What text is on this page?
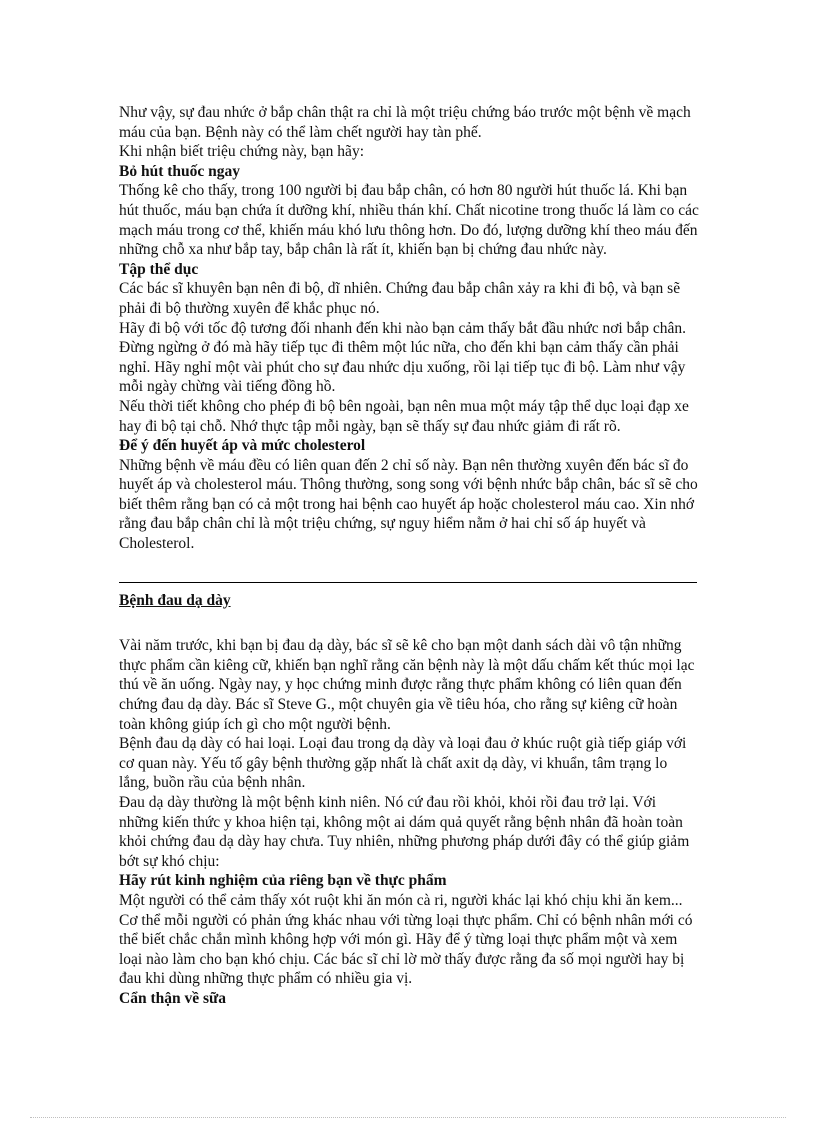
Như vậy, sự đau nhức ở bắp chân thật ra chỉ là một triệu chứng báo trước một bệnh về mạch máu của bạn. Bệnh này có thể làm chết người hay tàn phế.

Khi nhận biết triệu chứng này, bạn hãy:

Bỏ hút thuốc ngay

Thống kê cho thấy, trong 100 người bị đau bắp chân, có hơn 80 người hút thuốc lá. Khi bạn hút thuốc, máu bạn chứa ít dưỡng khí, nhiều thán khí. Chất nicotine trong thuốc lá làm co các mạch máu trong cơ thể, khiến máu khó lưu thông hơn. Do đó, lượng dưỡng khí theo máu đến những chỗ xa như bắp tay, bắp chân là rất ít, khiến bạn bị chứng đau nhức này.

Tập thể dục

Các bác sĩ khuyên bạn nên đi bộ, dĩ nhiên. Chứng đau bắp chân xảy ra khi đi bộ, và bạn sẽ phải đi bộ thường xuyên để khắc phục nó.

Hãy đi bộ với tốc độ tương đối nhanh đến khi nào bạn cảm thấy bắt đầu nhức nơi bắp chân. Đừng ngừng ở đó mà hãy tiếp tục đi thêm một lúc nữa, cho đến khi bạn cảm thấy cần phải nghỉ. Hãy nghỉ một vài phút cho sự đau nhức dịu xuống, rồi lại tiếp tục đi bộ. Làm như vậy mỗi ngày chừng vài tiếng đồng hồ.

Nếu thời tiết không cho phép đi bộ bên ngoài, bạn nên mua một máy tập thể dục loại đạp xe hay đi bộ tại chỗ. Nhớ thực tập mỗi ngày, bạn sẽ thấy sự đau nhức giảm đi rất rõ.

Để ý đến huyết áp và mức cholesterol

Những bệnh về máu đều có liên quan đến 2 chỉ số này. Bạn nên thường xuyên đến bác sĩ đo huyết áp và cholesterol máu. Thông thường, song song với bệnh nhức bắp chân, bác sĩ sẽ cho biết thêm rằng bạn có cả một trong hai bệnh cao huyết áp hoặc cholesterol máu cao. Xin nhớ rằng đau bắp chân chỉ là một triệu chứng, sự nguy hiểm nằm ở hai chỉ số áp huyết và Cholesterol.

Bệnh đau dạ dày

Vài năm trước, khi bạn bị đau dạ dày, bác sĩ sẽ kê cho bạn một danh sách dài vô tận những thực phẩm cần kiêng cữ, khiến bạn nghĩ rằng căn bệnh này là một dấu chấm kết thúc mọi lạc thú về ăn uống. Ngày nay, y học chứng minh được rằng thực phẩm không có liên quan đến chứng đau dạ dày. Bác sĩ Steve G., một chuyên gia về tiêu hóa, cho rằng sự kiêng cữ hoàn toàn không giúp ích gì cho một người bệnh.

Bệnh đau dạ dày có hai loại. Loại đau trong dạ dày và loại đau ở khúc ruột già tiếp giáp với cơ quan này. Yếu tố gây bệnh thường gặp nhất là chất axit dạ dày, vi khuẩn, tâm trạng lo lắng, buồn rầu của bệnh nhân.

Đau dạ dày thường là một bệnh kinh niên. Nó cứ đau rồi khỏi, khỏi rồi đau trở lại. Với những kiến thức y khoa hiện tại, không một ai dám quả quyết rằng bệnh nhân đã hoàn toàn khỏi chứng đau dạ dày hay chưa. Tuy nhiên, những phương pháp dưới đây có thể giúp giảm bớt sự khó chịu:

Hãy rút kinh nghiệm của riêng bạn về thực phẩm

Một người có thể cảm thấy xót ruột khi ăn món cà ri, người khác lại khó chịu khi ăn kem... Cơ thể mỗi người có phản ứng khác nhau với từng loại thực phẩm. Chỉ có bệnh nhân mới có thể biết chắc chắn mình không hợp với món gì. Hãy để ý từng loại thực phẩm một và xem loại nào làm cho bạn khó chịu. Các bác sĩ chỉ lờ mờ thấy được rằng đa số mọi người hay bị đau khi dùng những thực phẩm có nhiều gia vị.

Cẩn thận về sữa
